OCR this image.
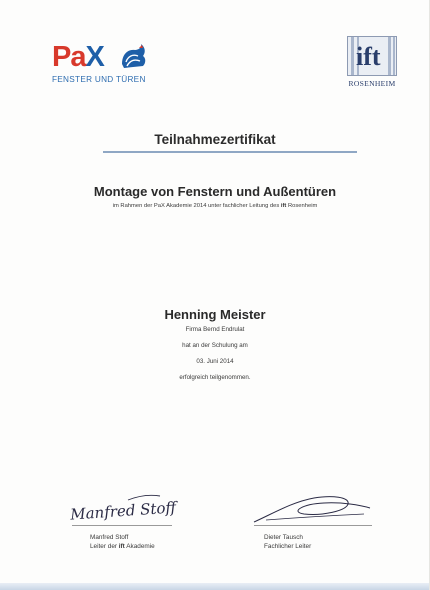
PaX
FENSTER UND TÜREN
ift
ROSENHEIM
Teilnahmezertifikat
Montage von Fenstern und Außentüren
im Rahmen der PaX Akademie 2014 unter fachlicher Leitung des ift Rosenheim
Henning Meister
Firma Bernd Endrulat
hat an der Schulung am
03. Juni 2014
erfolgreich teilgenommen.
Manfred Stoff
Manfred Stoff
Leiter der ift Akademie
Dieter Tausch
Fachlicher Leiter
